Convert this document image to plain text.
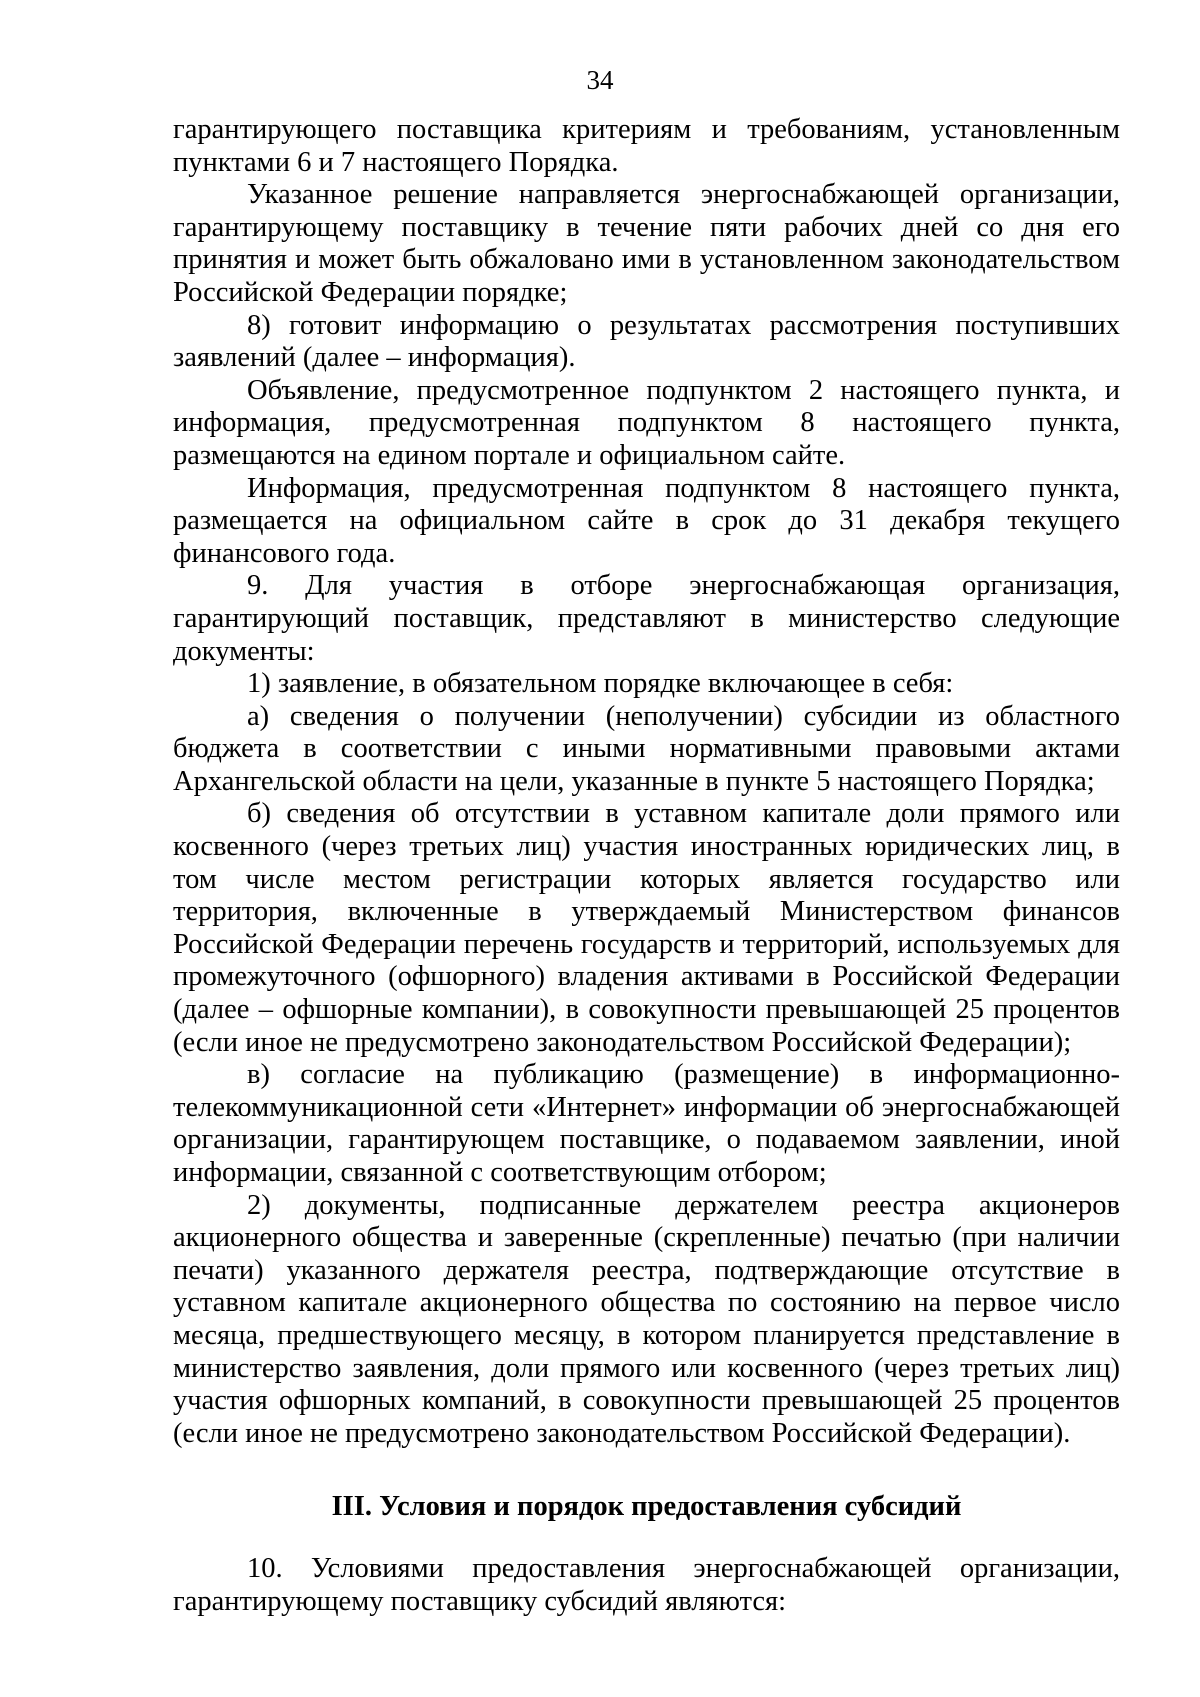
34

гарантирующего поставщика критериям и требованиям, установленным пунктами 6 и 7 настоящего Порядка.

Указанное решение направляется энергоснабжающей организации, гарантирующему поставщику в течение пяти рабочих дней со дня его принятия и может быть обжаловано ими в установленном законодательством Российской Федерации порядке;

8) готовит информацию о результатах рассмотрения поступивших заявлений (далее – информация).

Объявление, предусмотренное подпунктом 2 настоящего пункта, и информация, предусмотренная подпунктом 8 настоящего пункта, размещаются на едином портале и официальном сайте.

Информация, предусмотренная подпунктом 8 настоящего пункта, размещается на официальном сайте в срок до 31 декабря текущего финансового года.

9. Для участия в отборе энергоснабжающая организация, гарантирующий поставщик, представляют в министерство следующие документы:

1) заявление, в обязательном порядке включающее в себя:

а) сведения о получении (неполучении) субсидии из областного бюджета в соответствии с иными нормативными правовыми актами Архангельской области на цели, указанные в пункте 5 настоящего Порядка;

б) сведения об отсутствии в уставном капитале доли прямого или косвенного (через третьих лиц) участия иностранных юридических лиц, в том числе местом регистрации которых является государство или территория, включенные в утверждаемый Министерством финансов Российской Федерации перечень государств и территорий, используемых для промежуточного (офшорного) владения активами в Российской Федерации (далее – офшорные компании), в совокупности превышающей 25 процентов (если иное не предусмотрено законодательством Российской Федерации);

в) согласие на публикацию (размещение) в информационно-телекоммуникационной сети «Интернет» информации об энергоснабжающей организации, гарантирующем поставщике, о подаваемом заявлении, иной информации, связанной с соответствующим отбором;

2) документы, подписанные держателем реестра акционеров акционерного общества и заверенные (скрепленные) печатью (при наличии печати) указанного держателя реестра, подтверждающие отсутствие в уставном капитале акционерного общества по состоянию на первое число месяца, предшествующего месяцу, в котором планируется представление в министерство заявления, доли прямого или косвенного (через третьих лиц) участия офшорных компаний, в совокупности превышающей 25 процентов (если иное не предусмотрено законодательством Российской Федерации).

III. Условия и порядок предоставления субсидий

10. Условиями предоставления энергоснабжающей организации, гарантирующему поставщику субсидий являются:
